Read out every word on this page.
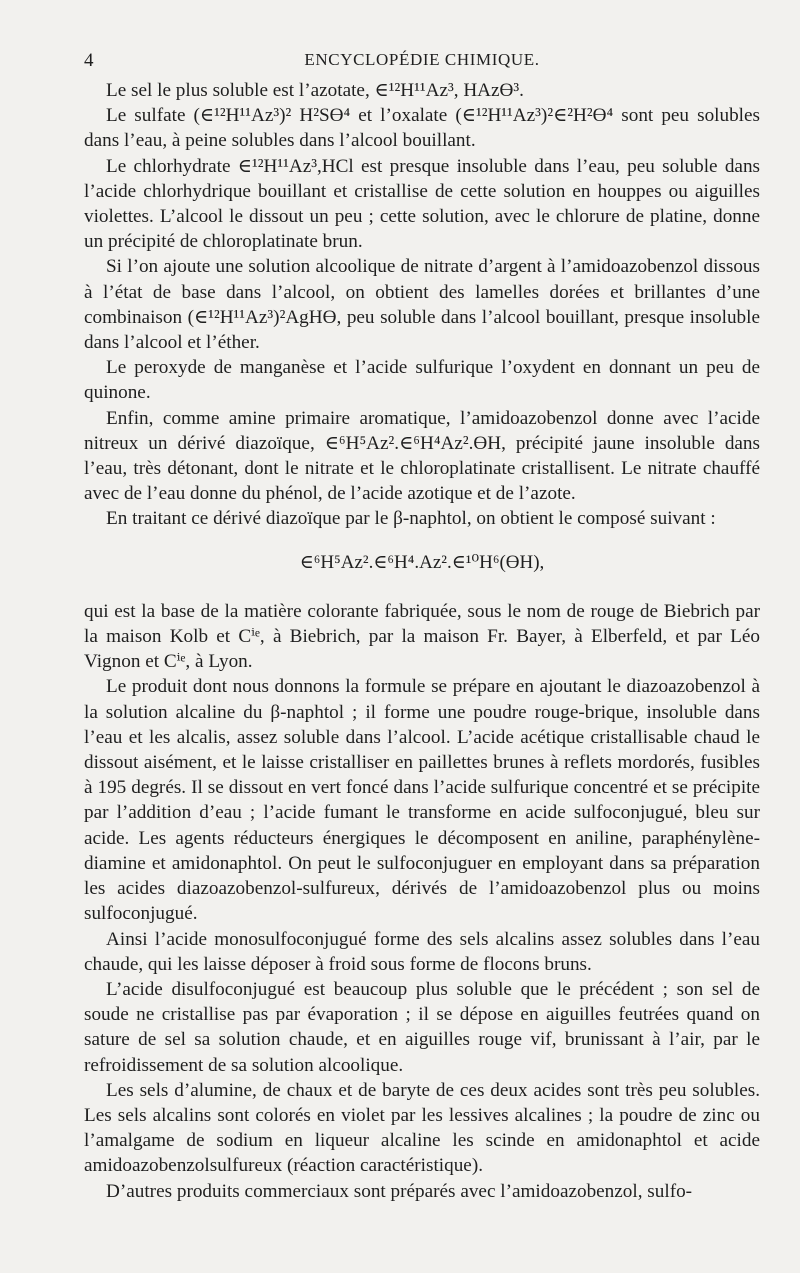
4	ENCYCLOPÉDIE CHIMIQUE.

Le sel le plus soluble est l’azotate, ∈¹²H¹¹Az³, HAzϴ³.

Le sulfate (∈¹²H¹¹Az³)² H²Sϴ⁴ et l’oxalate (∈¹²H¹¹Az³)²∈²H²ϴ⁴ sont peu solubles dans l’eau, à peine solubles dans l’alcool bouillant.

Le chlorhydrate ∈¹²H¹¹Az³,HCl est presque insoluble dans l’eau, peu soluble dans l’acide chlorhydrique bouillant et cristallise de cette solution en houppes ou aiguilles violettes. L’alcool le dissout un peu ; cette solution, avec le chlorure de platine, donne un précipité de chloroplatinate brun.

Si l’on ajoute une solution alcoolique de nitrate d’argent à l’amidoazobenzol dissous à l’état de base dans l’alcool, on obtient des lamelles dorées et brillantes d’une combinaison (∈¹²H¹¹Az³)²AgHϴ, peu soluble dans l’alcool bouillant, presque insoluble dans l’alcool et l’éther.

Le peroxyde de manganèse et l’acide sulfurique l’oxydent en donnant un peu de quinone.

Enfin, comme amine primaire aromatique, l’amidoazobenzol donne avec l’acide nitreux un dérivé diazoïque, ∈⁶H⁵Az².∈⁶H⁴Az².ϴH, précipité jaune insoluble dans l’eau, très détonant, dont le nitrate et le chloroplatinate cristallisent. Le nitrate chauffé avec de l’eau donne du phénol, de l’acide azotique et de l’azote.

En traitant ce dérivé diazoïque par le β-naphtol, on obtient le composé suivant :

∈⁶H⁵Az².∈⁶H⁴.Az².∈¹⁰H⁶(ϴH),

qui est la base de la matière colorante fabriquée, sous le nom de rouge de Biebrich par la maison Kolb et Cⁱᵉ, à Biebrich, par la maison Fr. Bayer, à Elberfeld, et par Léo Vignon et Cⁱᵉ, à Lyon.

Le produit dont nous donnons la formule se prépare en ajoutant le diazoazobenzol à la solution alcaline du β-naphtol ; il forme une poudre rouge-brique, insoluble dans l’eau et les alcalis, assez soluble dans l’alcool. L’acide acétique cristallisable chaud le dissout aisément, et le laisse cristalliser en paillettes brunes à reflets mordorés, fusibles à 195 degrés. Il se dissout en vert foncé dans l’acide sulfurique concentré et se précipite par l’addition d’eau ; l’acide fumant le transforme en acide sulfoconjugué, bleu sur acide. Les agents réducteurs énergiques le décomposent en aniline, paraphénylène-diamine et amidonaphtol. On peut le sulfoconjuguer en employant dans sa préparation les acides diazoazobenzol-sulfureux, dérivés de l’amidoazobenzol plus ou moins sulfoconjugué.

Ainsi l’acide monosulfoconjugué forme des sels alcalins assez solubles dans l’eau chaude, qui les laisse déposer à froid sous forme de flocons bruns.

L’acide disulfoconjugué est beaucoup plus soluble que le précédent ; son sel de soude ne cristallise pas par évaporation ; il se dépose en aiguilles feutrées quand on sature de sel sa solution chaude, et en aiguilles rouge vif, brunissant à l’air, par le refroidissement de sa solution alcoolique.

Les sels d’alumine, de chaux et de baryte de ces deux acides sont très peu solubles. Les sels alcalins sont colorés en violet par les lessives alcalines ; la poudre de zinc ou l’amalgame de sodium en liqueur alcaline les scinde en amidonaphtol et acide amidoazobenzolsulfureux (réaction caractéristique).

D’autres produits commerciaux sont préparés avec l’amidoazobenzol, sulfo-
